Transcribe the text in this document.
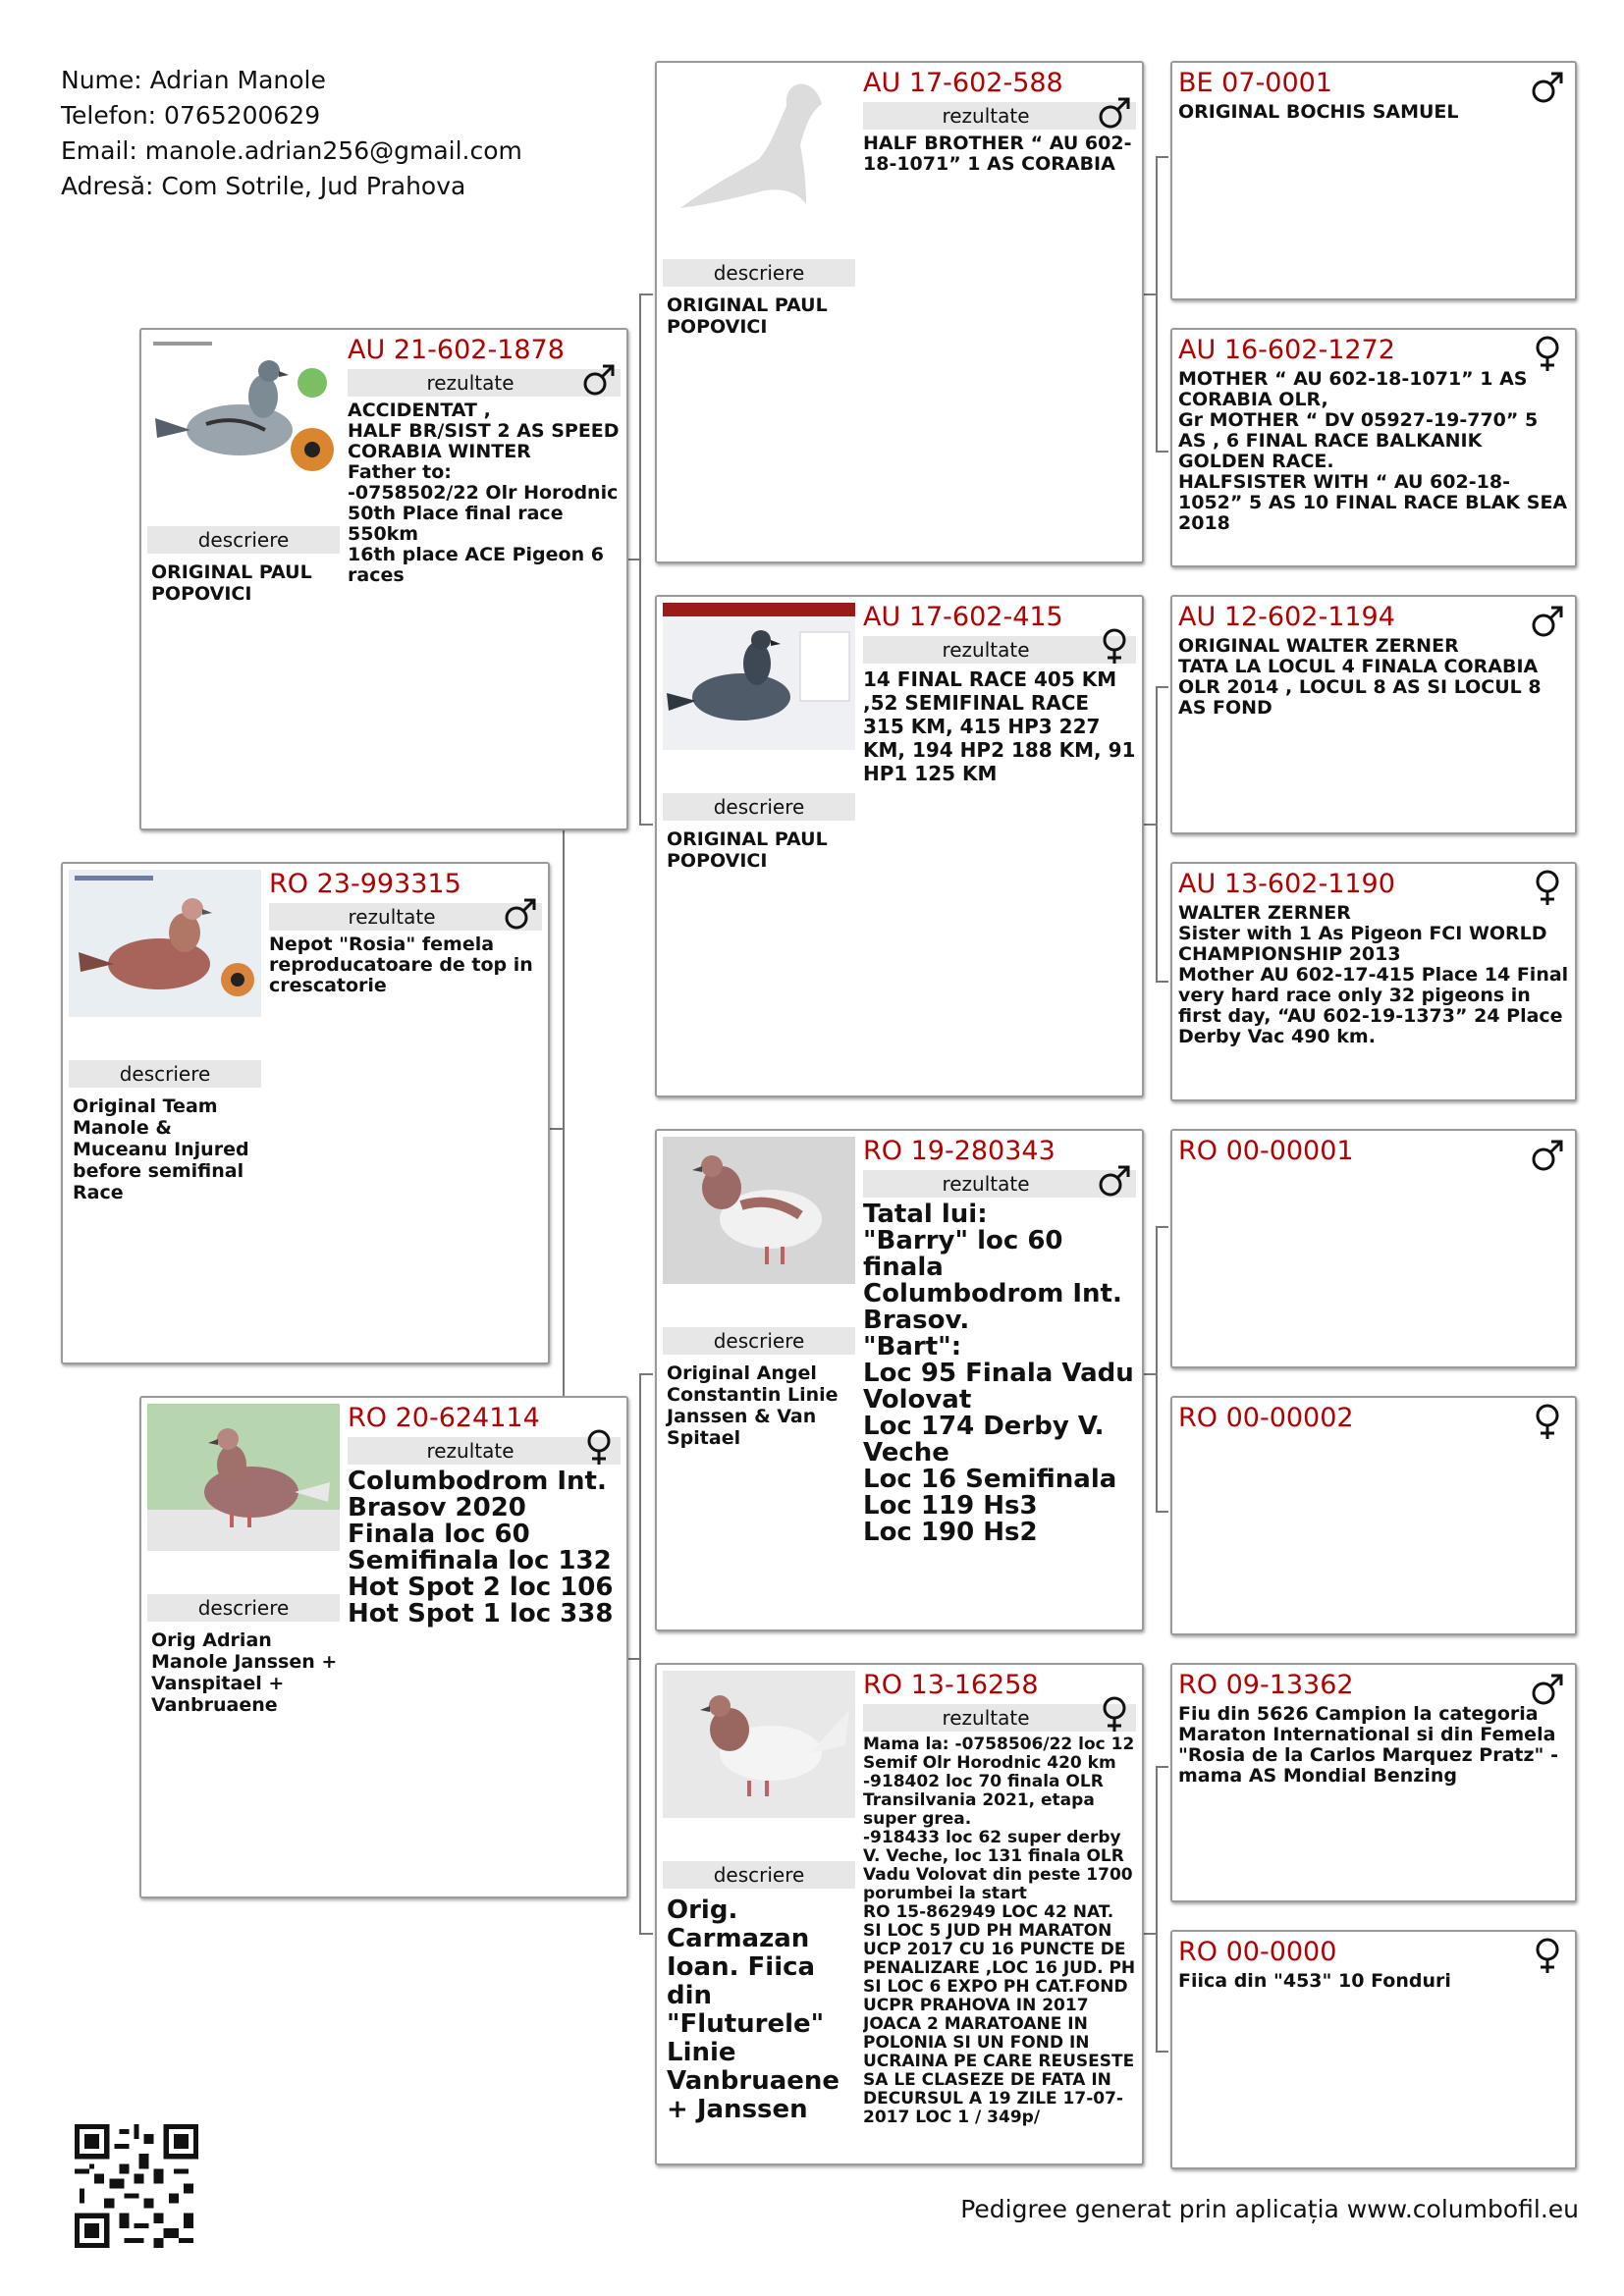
Nume: Adrian Manole
Telefon: 0765200629
Email: manole.adrian256@gmail.com
Adresă: Com Sotrile, Jud Prahova
descriere
Original Team Manole & Muceanu Injured before semifinal Race
RO 23-993315
rezultate
Nepot "Rosia" femela reproducatoare de top in crescatorie
descriere
ORIGINAL PAUL POPOVICI
AU 21-602-1878
rezultate
ACCIDENTAT ,
HALF BR/SIST 2 AS SPEED CORABIA WINTER
Father to:
-0758502/22 Olr Horodnic 50th Place final race 550km
16th place ACE Pigeon 6 races
descriere
Orig Adrian Manole Janssen + Vanspitael + Vanbruaene
RO 20-624114
rezultate
Columbodrom Int. Brasov 2020
Finala loc 60
Semifinala loc 132
Hot Spot 2 loc 106
Hot Spot 1 loc 338
descriere
ORIGINAL PAUL POPOVICI
AU 17-602-588
rezultate
HALF BROTHER “ AU 602-18-1071” 1 AS CORABIA
descriere
ORIGINAL PAUL POPOVICI
AU 17-602-415
rezultate
14 FINAL RACE 405 KM ,52 SEMIFINAL RACE 315 KM, 415 HP3 227 KM, 194 HP2 188 KM, 91 HP1 125 KM
descriere
Original Angel Constantin Linie Janssen & Van Spitael
RO 19-280343
rezultate
Tatal lui:
"Barry" loc 60 finala
Columbodrom Int. Brasov.
"Bart":
Loc 95 Finala Vadu Volovat
Loc 174 Derby V. Veche
Loc 16 Semifinala
Loc 119 Hs3
Loc 190 Hs2
descriere
Orig. Carmazan Ioan. Fiica din "Fluturele" Linie Vanbruaene + Janssen
RO 13-16258
rezultate
Mama la: -0758506/22 loc 12 Semif Olr Horodnic 420 km
-918402 loc 70 finala OLR Transilvania 2021, etapa super grea.
-918433 loc 62 super derby V. Veche, loc 131 finala OLR Vadu Volovat din peste 1700 porumbei la start
RO 15-862949 LOC 42 NAT. SI LOC 5 JUD PH MARATON UCP 2017 CU 16 PUNCTE DE PENALIZARE ,LOC 16 JUD. PH SI LOC 6 EXPO PH CAT.FOND UCPR PRAHOVA IN 2017 JOACA 2 MARATOANE IN POLONIA SI UN FOND IN UCRAINA PE CARE REUSESTE SA LE CLASEZE DE FATA IN DECURSUL A 19 ZILE 17-07-2017 LOC 1 / 349p/
BE 07-0001
ORIGINAL BOCHIS SAMUEL
AU 16-602-1272
MOTHER “ AU 602-18-1071” 1 AS CORABIA OLR,
Gr MOTHER “ DV 05927-19-770” 5 AS , 6 FINAL RACE BALKANIK GOLDEN RACE.
HALFSISTER WITH “ AU 602-18-1052” 5 AS 10 FINAL RACE BLAK SEA 2018
AU 12-602-1194
ORIGINAL WALTER ZERNER
TATA LA LOCUL 4 FINALA CORABIA OLR 2014 , LOCUL 8 AS SI LOCUL 8 AS FOND
AU 13-602-1190
WALTER ZERNER
Sister with 1 As Pigeon FCI WORLD CHAMPIONSHIP 2013
Mother AU 602-17-415 Place 14 Final very hard race only 32 pigeons in first day, “AU 602-19-1373” 24 Place Derby Vac 490 km.
RO 00-00001
RO 00-00002
RO 09-13362
Fiu din 5626 Campion la categoria Maraton International si din Femela "Rosia de la Carlos Marquez Pratz" - mama AS Mondial Benzing
RO 00-0000
Fiica din "453" 10 Fonduri
Pedigree generat prin aplicația www.columbofil.eu
